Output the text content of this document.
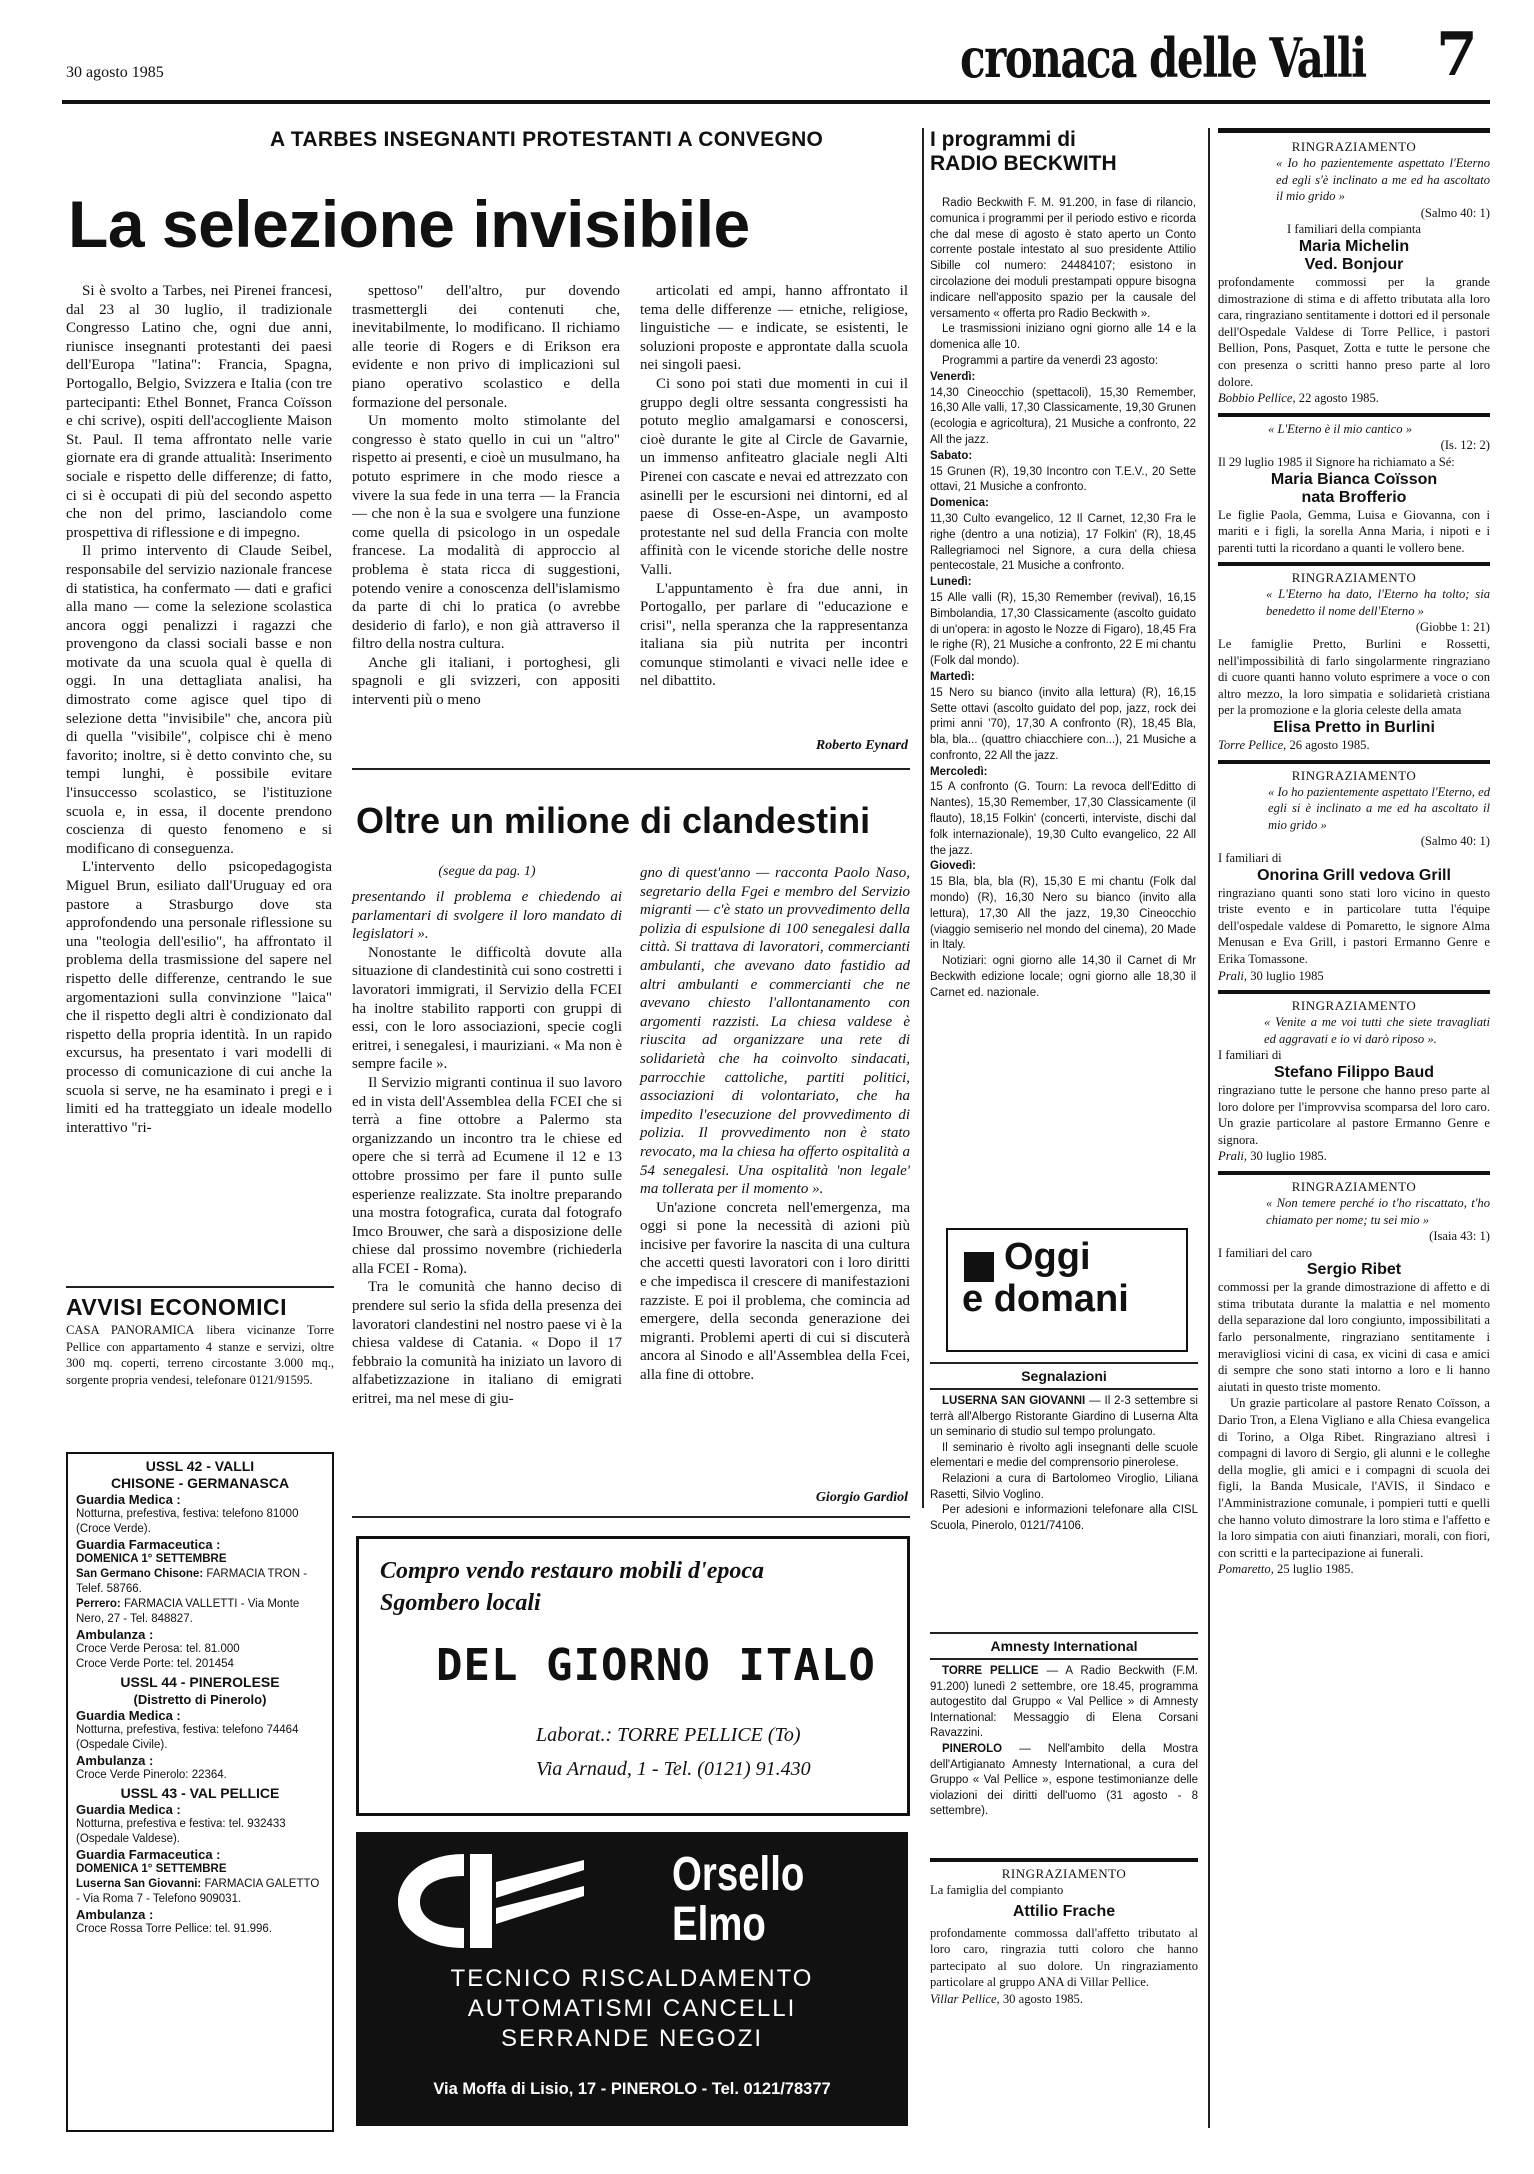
30 agosto 1985	cronaca delle Valli 7
A TARBES INSEGNANTI PROTESTANTI A CONVEGNO
La selezione invisibile

Si è svolto a Tarbes, nei Pirenei francesi, dal 23 al 30 luglio, il tradizionale Congresso Latino che, ogni due anni, riunisce insegnanti protestanti dei paesi dell'Europa "latina": Francia, Spagna, Portogallo, Belgio, Svizzera e Italia (con tre partecipanti: Ethel Bonnet, Franca Coïsson e chi scrive), ospiti dell'accogliente Maison St. Paul. Il tema affrontato nelle varie giornate era di grande attualità: Inserimento sociale e rispetto delle differenze; di fatto, ci si è occupati di più del secondo aspetto che non del primo, lasciandolo come prospettiva di riflessione e di impegno.

Il primo intervento di Claude Seibel, responsabile del servizio nazionale francese di statistica, ha confermato — dati e grafici alla mano — come la selezione scolastica ancora oggi penalizzi i ragazzi che provengono da classi sociali basse e non motivate da una scuola qual è quella di oggi. In una dettagliata analisi, ha dimostrato come agisce quel tipo di selezione detta "invisibile" che, ancora più di quella "visibile", colpisce chi è meno favorito; inoltre, si è detto convinto che, su tempi lunghi, è possibile evitare l'insuccesso scolastico, se l'istituzione scuola e, in essa, il docente prendono coscienza di questo fenomeno e si modificano di conseguenza.

L'intervento dello psicopedagogista Miguel Brun, esiliato dall'Uruguay ed ora pastore a Strasburgo dove sta approfondendo una personale riflessione su una "teologia dell'esilio", ha affrontato il problema della trasmissione del sapere nel rispetto delle differenze, centrando le sue argomentazioni sulla convinzione "laica" che il rispetto degli altri è condizionato dal rispetto della propria identità. In un rapido excursus, ha presentato i vari modelli di processo di comunicazione di cui anche la scuola si serve, ne ha esaminato i pregi e i limiti ed ha tratteggiato un ideale modello interattivo "ri-

spettoso" dell'altro, pur dovendo trasmettergli dei contenuti che, inevitabilmente, lo modificano. Il richiamo alle teorie di Rogers e di Erikson era evidente e non privo di implicazioni sul piano operativo scolastico e della formazione del personale.

Un momento molto stimolante del congresso è stato quello in cui un "altro" rispetto ai presenti, e cioè un musulmano, ha potuto esprimere in che modo riesce a vivere la sua fede in una terra — la Francia — che non è la sua e svolgere una funzione come quella di psicologo in un ospedale francese. La modalità di approccio al problema è stata ricca di suggestioni, potendo venire a conoscenza dell'islamismo da parte di chi lo pratica (o avrebbe desiderio di farlo), e non già attraverso il filtro della nostra cultura.

Anche gli italiani, i portoghesi, gli spagnoli e gli svizzeri, con appositi interventi più o meno

articolati ed ampi, hanno affrontato il tema delle differenze — etniche, religiose, linguistiche — e indicate, se esistenti, le soluzioni proposte e approntate dalla scuola nei singoli paesi.

Ci sono poi stati due momenti in cui il gruppo degli oltre sessanta congressisti ha potuto meglio amalgamarsi e conoscersi, cioè durante le gite al Circle de Gavarnie, un immenso anfiteatro glaciale negli Alti Pirenei con cascate e nevai ed attrezzato con asinelli per le escursioni nei dintorni, ed al paese di Osse-en-Aspe, un avamposto protestante nel sud della Francia con molte affinità con le vicende storiche delle nostre Valli.

L'appuntamento è fra due anni, in Portogallo, per parlare di "educazione e crisi", nella speranza che la rappresentanza italiana sia più nutrita per incontri comunque stimolanti e vivaci nelle idee e nel dibattito.

Roberto Eynard
I programmi di
RADIO BECKWITH

Radio Beckwith F. M. 91.200, in fase di rilancio, comunica i programmi per il periodo estivo e ricorda che dal mese di agosto è stato aperto un Conto corrente postale intestato al suo presidente Attilio Sibille col numero: 24484107; esistono in circolazione dei moduli prestampati oppure bisogna indicare nell'apposito spazio per la causale del versamento « offerta pro Radio Beckwith ».

Le trasmissioni iniziano ogni giorno alle 14 e la domenica alle 10.

Programmi a partire da venerdì 23 agosto:

Venerdì:
14,30 Cineocchio (spettacoli), 15,30 Remember, 16,30 Alle valli, 17,30 Classicamente, 19,30 Grunen (ecologia e agricoltura), 21 Musiche a confronto, 22 All the jazz.
Sabato:
15 Grunen (R), 19,30 Incontro con T.E.V., 20 Sette ottavi, 21 Musiche a confronto.
Domenica:
11,30 Culto evangelico, 12 Il Carnet, 12,30 Fra le righe (dentro a una notizia), 17 Folkin' (R), 18,45 Rallegriamoci nel Signore, a cura della chiesa pentecostale, 21 Musiche a confronto.
Lunedì:
15 Alle valli (R), 15,30 Remember (revival), 16,15 Bimbolandia, 17,30 Classicamente (ascolto guidato di un'opera: in agosto le Nozze di Figaro), 18,45 Fra le righe (R), 21 Musiche a confronto, 22 E mi chantu (Folk dal mondo).
Martedì:
15 Nero su bianco (invito alla lettura) (R), 16,15 Sette ottavi (ascolto guidato del pop, jazz, rock dei primi anni '70), 17,30 A confronto (R), 18,45 Bla, bla, bla... (quattro chiacchiere con...), 21 Musiche a confronto, 22 All the jazz.
Mercoledì:
15 A confronto (G. Tourn: La revoca dell'Editto di Nantes), 15,30 Remember, 17,30 Classicamente (il flauto), 18,15 Folkin' (concerti, interviste, dischi dal folk internazionale), 19,30 Culto evangelico, 22 All the jazz.
Giovedì:
15 Bla, bla, bla (R), 15,30 E mi chantu (Folk dal mondo) (R), 16,30 Nero su bianco (invito alla lettura), 17,30 All the jazz, 19,30 Cineocchio (viaggio semiserio nel mondo del cinema), 20 Made in Italy.

Notiziari: ogni giorno alle 14,30 il Carnet di Mr Beckwith edizione locale; ogni giorno alle 18,30 il Carnet ed. nazionale.

RINGRAZIAMENTO
« Io ho pazientemente aspettato l'Eterno ed egli s'è inclinato a me ed ha ascoltato il mio grido »
(Salmo 40: 1)
I familiari della compianta
Maria Michelin
Ved. Bonjour
profondamente commossi per la grande dimostrazione di stima e di affetto tributata alla loro cara, ringraziano sentitamente i dottori ed il personale dell'Ospedale Valdese di Torre Pellice, i pastori Bellion, Pons, Pasquet, Zotta e tutte le persone che con presenza o scritti hanno preso parte al loro dolore.
Bobbio Pellice, 22 agosto 1985.
« L'Eterno è il mio cantico »
(Is. 12: 2)
Il 29 luglio 1985 il Signore ha richiamato a Sé:
Maria Bianca Coïsson
nata Brofferio
Le figlie Paola, Gemma, Luisa e Giovanna, con i mariti e i figli, la sorella Anna Maria, i nipoti e i parenti tutti la ricordano a quanti le vollero bene.
RINGRAZIAMENTO
« L'Eterno ha dato, l'Eterno ha tolto; sia benedetto il nome dell'Eterno »
(Giobbe 1: 21)
Le famiglie Pretto, Burlini e Rossetti, nell'impossibilità di farlo singolarmente ringraziano di cuore quanti hanno voluto esprimere a voce o con altro mezzo, la loro simpatia e solidarietà cristiana per la promozione e la gloria celeste della amata
Elisa Pretto in Burlini
Torre Pellice, 26 agosto 1985.
RINGRAZIAMENTO
« Io ho pazientemente aspettato l'Eterno, ed egli si è inclinato a me ed ha ascoltato il mio grido »
(Salmo 40: 1)
I familiari di
Onorina Grill vedova Grill
ringraziano quanti sono stati loro vicino in questo triste evento e in particolare tutta l'équipe dell'ospedale valdese di Pomaretto, le signore Alma Menusan e Eva Grill, i pastori Ermanno Genre e Erika Tomassone.
Prali, 30 luglio 1985
RINGRAZIAMENTO
« Venite a me voi tutti che siete travagliati ed aggravati e io vi darò riposo ».
I familiari di
Stefano Filippo Baud
ringraziano tutte le persone che hanno preso parte al loro dolore per l'improvvisa scomparsa del loro caro. Un grazie particolare al pastore Ermanno Genre e signora.
Prali, 30 luglio 1985.
RINGRAZIAMENTO
« Non temere perché io t'ho riscattato, t'ho chiamato per nome; tu sei mio »
(Isaia 43: 1)
I familiari del caro
Sergio Ribet
commossi per la grande dimostrazione di affetto e di stima tributata durante la malattia e nel momento della separazione dal loro congiunto, impossibilitati a farlo personalmente, ringraziano sentitamente i meravigliosi vicini di casa, ex vicini di casa e amici di sempre che sono stati intorno a loro e li hanno aiutati in questo triste momento.
Un grazie particolare al pastore Renato Coïsson, a Dario Tron, a Elena Vigliano e alla Chiesa evangelica di Torino, a Olga Ribet. Ringraziano altresì i compagni di lavoro di Sergio, gli alunni e le colleghe della moglie, gli amici e i compagni di scuola dei figli, la Banda Musicale, l'AVIS, il Sindaco e l'Amministrazione comunale, i pompieri tutti e quelli che hanno voluto dimostrare la loro stima e l'affetto e la loro simpatia con aiuti finanziari, morali, con fiori, con scritti e la partecipazione ai funerali.
Pomaretto, 25 luglio 1985.
Oltre un milione di clandestini
(segue da pag. 1)

presentando il problema e chiedendo ai parlamentari di svolgere il loro mandato di legislatori ».

Nonostante le difficoltà dovute alla situazione di clandestinità cui sono costretti i lavoratori immigrati, il Servizio della FCEI ha inoltre stabilito rapporti con gruppi di essi, con le loro associazioni, specie cogli eritrei, i senegalesi, i mauriziani. « Ma non è sempre facile ».

Il Servizio migranti continua il suo lavoro ed in vista dell'Assemblea della FCEI che si terrà a fine ottobre a Palermo sta organizzando un incontro tra le chiese ed opere che si terrà ad Ecumene il 12 e 13 ottobre prossimo per fare il punto sulle esperienze realizzate. Sta inoltre preparando una mostra fotografica, curata dal fotografo Imco Brouwer, che sarà a disposizione delle chiese dal prossimo novembre (richiederla alla FCEI - Roma).

Tra le comunità che hanno deciso di prendere sul serio la sfida della presenza dei lavoratori clandestini nel nostro paese vi è la chiesa valdese di Catania. « Dopo il 17 febbraio la comunità ha iniziato un lavoro di alfabetizzazione in italiano di emigrati eritrei, ma nel mese di giu-

gno di quest'anno — racconta Paolo Naso, segretario della Fgei e membro del Servizio migranti — c'è stato un provvedimento della polizia di espulsione di 100 senegalesi dalla città. Si trattava di lavoratori, commercianti ambulanti, che avevano dato fastidio ad altri ambulanti e commercianti che ne avevano chiesto l'allontanamento con argomenti razzisti. La chiesa valdese è riuscita ad organizzare una rete di solidarietà che ha coinvolto sindacati, parrocchie cattoliche, partiti politici, associazioni di volontariato, che ha impedito l'esecuzione del provvedimento di polizia. Il provvedimento non è stato revocato, ma la chiesa ha offerto ospitalità a 54 senegalesi. Una ospitalità 'non legale' ma tollerata per il momento ».

Un'azione concreta nell'emergenza, ma oggi si pone la necessità di azioni più incisive per favorire la nascita di una cultura che accetti questi lavoratori con i loro diritti e che impedisca il crescere di manifestazioni razziste. E poi il problema, che comincia ad emergere, della seconda generazione dei migranti. Problemi aperti di cui si discuterà ancora al Sinodo e all'Assemblea della Fcei, alla fine di ottobre.

Giorgio Gardiol
AVVISI ECONOMICI
CASA PANORAMICA libera vicinanze Torre Pellice con appartamento 4 stanze e servizi, oltre 300 mq. coperti, terreno circostante 3.000 mq., sorgente propria vendesi, telefonare 0121/91595.
USSL 42 - VALLI
CHISONE - GERMANASCA
Guardia Medica :
Notturna, prefestiva, festiva: telefono 81000 (Croce Verde).
Guardia Farmaceutica :
DOMENICA 1° SETTEMBRE
San Germano Chisone: FARMACIA TRON - Telef. 58766.
Perrero: FARMACIA VALLETTI - Via Monte Nero, 27 - Tel. 848827.
Ambulanza :
Croce Verde Perosa: tel. 81.000
Croce Verde Porte: tel. 201454
USSL 44 - PINEROLESE
(Distretto di Pinerolo)
Guardia Medica :
Notturna, prefestiva, festiva: telefono 74464 (Ospedale Civile).
Ambulanza :
Croce Verde Pinerolo: 22364.
USSL 43 - VAL PELLICE
Guardia Medica :
Notturna, prefestiva e festiva: tel. 932433 (Ospedale Valdese).
Guardia Farmaceutica :
DOMENICA 1° SETTEMBRE
Luserna San Giovanni: FARMACIA GALETTO - Via Roma 7 - Telefono 909031.
Ambulanza :
Croce Rossa Torre Pellice: tel. 91.996.
Oggi
e domani
Segnalazioni

LUSERNA SAN GIOVANNI — Il 2-3 settembre si terrà all'Albergo Ristorante Giardino di Luserna Alta un seminario di studio sul tempo prolungato.

Il seminario è rivolto agli insegnanti delle scuole elementari e medie del comprensorio pinerolese.

Relazioni a cura di Bartolomeo Viroglio, Liliana Rasetti, Silvio Voglino.

Per adesioni e informazioni telefonare alla CISL Scuola, Pinerolo, 0121/74106.

Amnesty International

TORRE PELLICE — A Radio Beckwith (F.M. 91.200) lunedì 2 settembre, ore 18.45, programma autogestito dal Gruppo « Val Pellice » di Amnesty International: Messaggio di Elena Corsani Ravazzini.

PINEROLO — Nell'ambito della Mostra dell'Artigianato Amnesty International, a cura del Gruppo « Val Pellice », espone testimonianze delle violazioni dei diritti dell'uomo (31 agosto - 8 settembre).

RINGRAZIAMENTO
La famiglia del compianto
Attilio Frache
profondamente commossa dall'affetto tributato al loro caro, ringrazia tutti coloro che hanno partecipato al suo dolore. Un ringraziamento particolare al gruppo ANA di Villar Pellice.
Villar Pellice, 30 agosto 1985.
Compro vendo restauro mobili d'epoca
Sgombero locali
DEL GIORNO ITALO
Laborat.: TORRE PELLICE (To)
Via Arnaud, 1 - Tel. (0121) 91.430
Orsello
Elmo
TECNICO RISCALDAMENTO
AUTOMATISMI CANCELLI
SERRANDE NEGOZI
Via Moffa di Lisio, 17 - PINEROLO - Tel. 0121/78377
